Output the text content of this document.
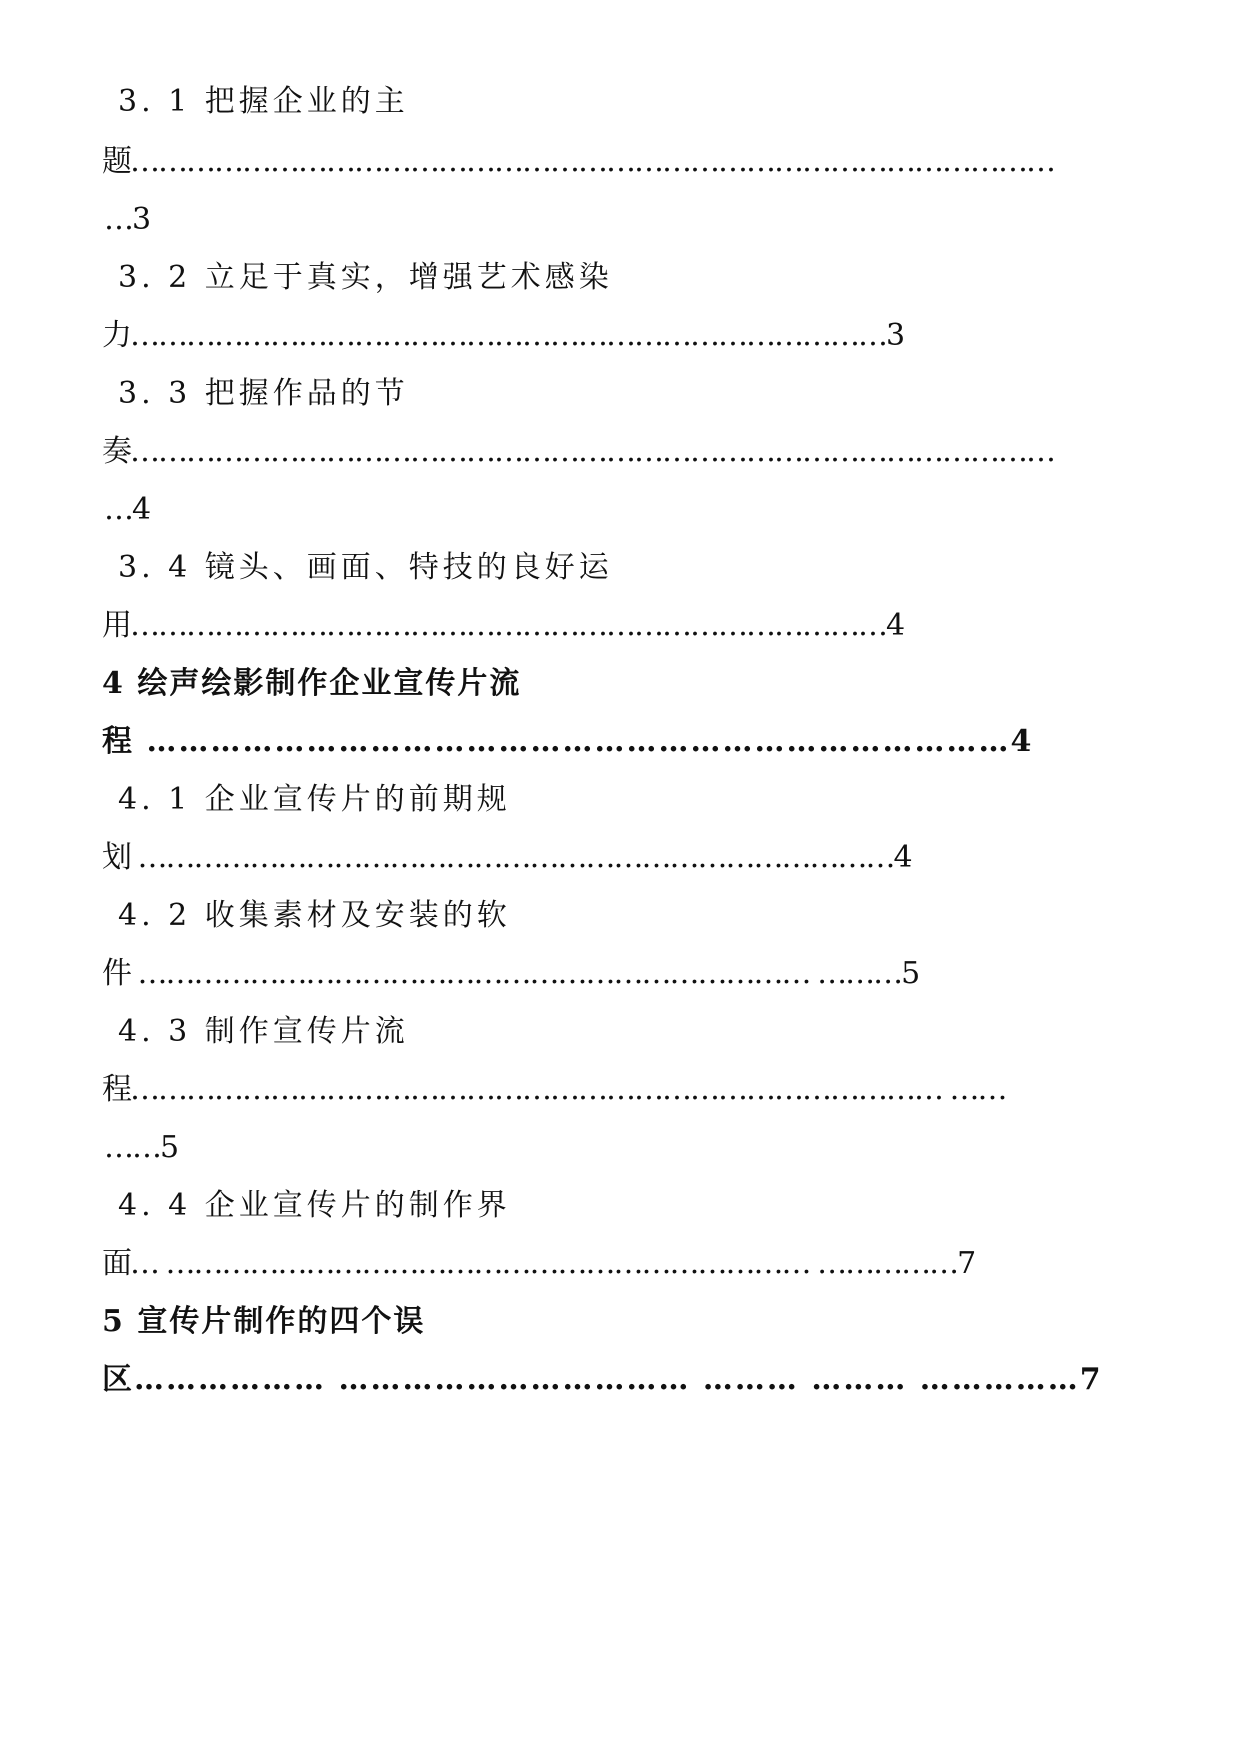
3. 1 把握企业的主
题………………………………………………………………………………………
…3
3. 2 立足于真实，增强艺术感染
力………………………………………………………………………3
3. 3 把握作品的节
奏………………………………………………………………………………………
…4
3. 4 镜头、画面、特技的良好运
用………………………………………………………………………4
4 绘声绘影制作企业宣传片流
程 ………………………………………………………………………4
4. 1 企业宣传片的前期规
划 ………………………………………………………………………4
4. 2 收集素材及安装的软
件 ……………………………………………………………… ………5
4. 3 制作宣传片流
程…………………………………………………………………………… ……
……5
4. 4 企业宣传片的制作界
面… …………………………………………………………… ……………7
5 宣传片制作的四个误
区……………… …………………………… ……… ……… ……………7
